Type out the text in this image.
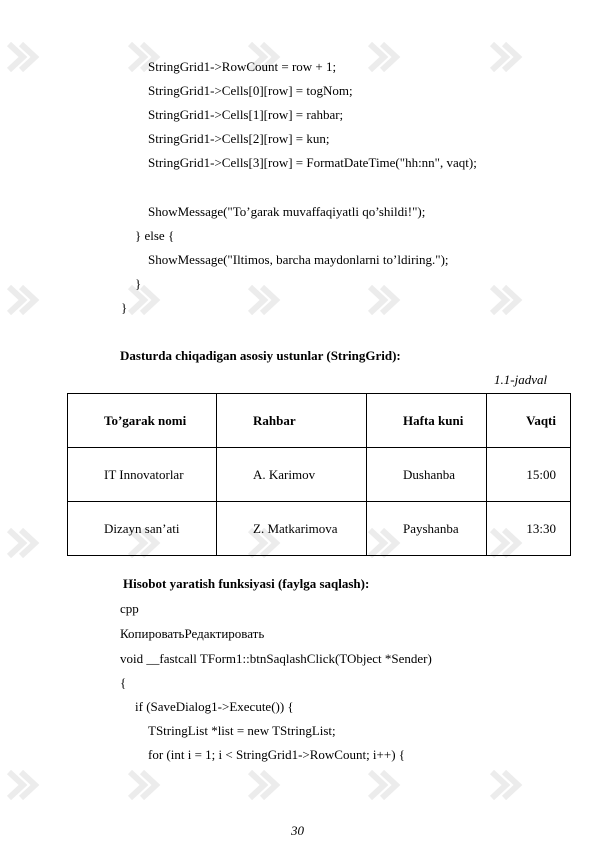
StringGrid1->RowCount = row + 1;
StringGrid1->Cells[0][row] = togNom;
StringGrid1->Cells[1][row] = rahbar;
StringGrid1->Cells[2][row] = kun;
StringGrid1->Cells[3][row] = FormatDateTime("hh:nn", vaqt);
ShowMessage("To’garak muvaffaqiyatli qo’shildi!");
} else {
ShowMessage("Iltimos, barcha maydonlarni to’ldiring.");
}
}
Dasturda chiqadigan asosiy ustunlar (StringGrid):
1.1-jadval
To’garak nomi	Rahbar	Hafta kuni	Vaqti

IT Innovatorlar	A. Karimov	Dushanba	15:00

Dizayn san’ati	Z. Matkarimova	Payshanba	13:30
Hisobot yaratish funksiyasi (faylga saqlash):
cpp
КопироватьРедактировать
void __fastcall TForm1::btnSaqlashClick(TObject *Sender)
{
if (SaveDialog1->Execute()) {
TStringList *list = new TStringList;
for (int i = 1; i < StringGrid1->RowCount; i++) {
30
